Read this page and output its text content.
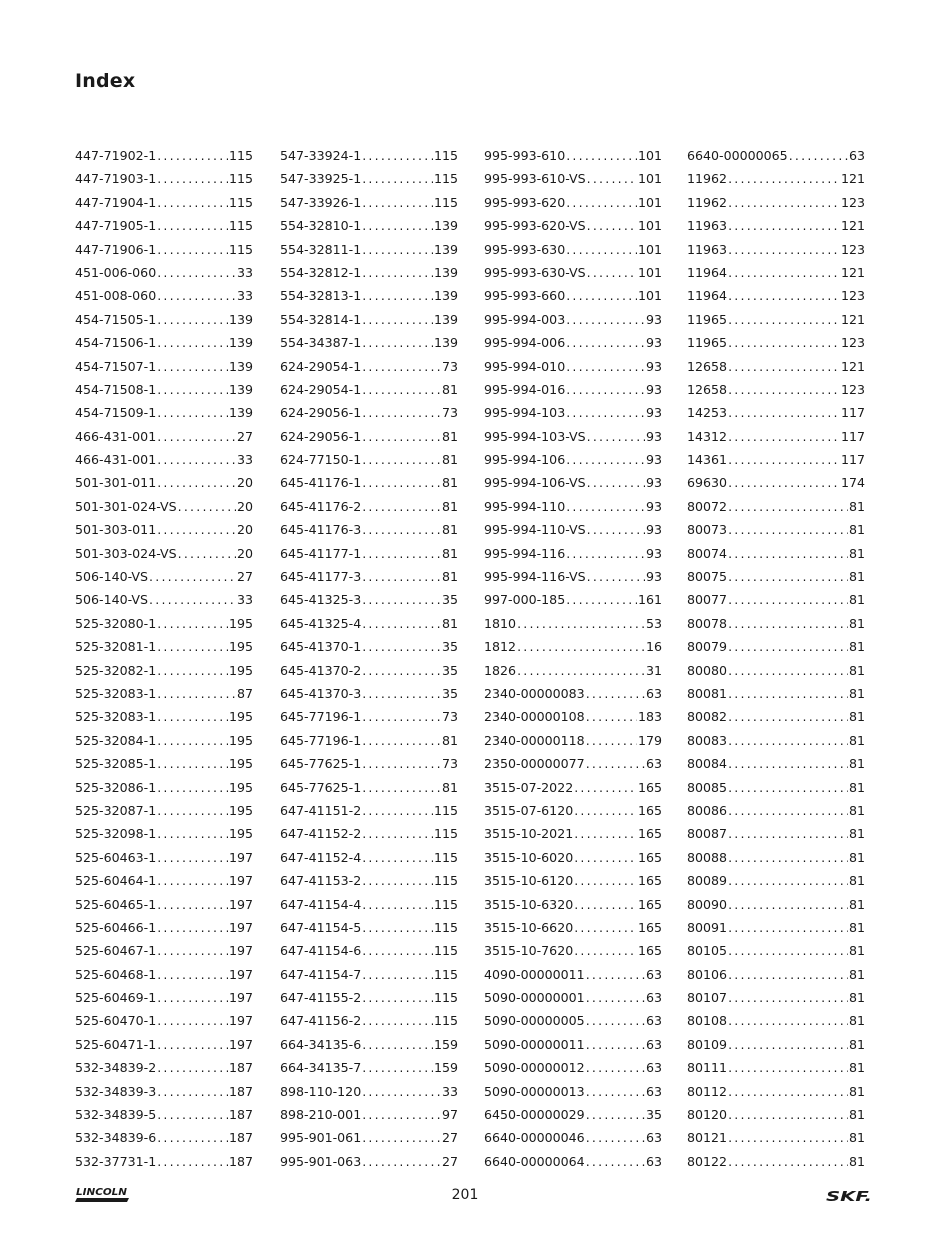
Index
447-71902-1 .....	115
447-71903-1 .....	115
447-71904-1 .....	115
447-71905-1 .....	115
447-71906-1 .....	115
451-006-060 .....	33
451-008-060 .....	33
454-71505-1 .....	139
454-71506-1 .....	139
454-71507-1 .....	139
454-71508-1 .....	139
454-71509-1 .....	139
466-431-001 .....	27
466-431-001 .....	33
501-301-011 .....	20
501-301-024-VS .....	20
501-303-011 .....	20
501-303-024-VS .....	20
506-140-VS .....	27
506-140-VS .....	33
525-32080-1 .....	195
525-32081-1 .....	195
525-32082-1 .....	195
525-32083-1 .....	87
525-32083-1 .....	195
525-32084-1 .....	195
525-32085-1 .....	195
525-32086-1 .....	195
525-32087-1 .....	195
525-32098-1 .....	195
525-60463-1 .....	197
525-60464-1 .....	197
525-60465-1 .....	197
525-60466-1 .....	197
525-60467-1 .....	197
525-60468-1 .....	197
525-60469-1 .....	197
525-60470-1 .....	197
525-60471-1 .....	197
532-34839-2 .....	187
532-34839-3 .....	187
532-34839-5 .....	187
532-34839-6 .....	187
532-37731-1 .....	187
547-33924-1 .....	115
547-33925-1 .....	115
547-33926-1 .....	115
554-32810-1 .....	139
554-32811-1 .....	139
554-32812-1 .....	139
554-32813-1 .....	139
554-32814-1 .....	139
554-34387-1 .....	139
624-29054-1 .....	73
624-29054-1 .....	81
624-29056-1 .....	73
624-29056-1 .....	81
624-77150-1 .....	81
645-41176-1 .....	81
645-41176-2 .....	81
645-41176-3 .....	81
645-41177-1 .....	81
645-41177-3 .....	81
645-41325-3 .....	35
645-41325-4 .....	81
645-41370-1 .....	35
645-41370-2 .....	35
645-41370-3 .....	35
645-77196-1 .....	73
645-77196-1 .....	81
645-77625-1 .....	73
645-77625-1 .....	81
647-41151-2 .....	115
647-41152-2 .....	115
647-41152-4 .....	115
647-41153-2 .....	115
647-41154-4 .....	115
647-41154-5 .....	115
647-41154-6 .....	115
647-41154-7 .....	115
647-41155-2 .....	115
647-41156-2 .....	115
664-34135-6 .....	159
664-34135-7 .....	159
898-110-120 .....	33
898-210-001 .....	97
995-901-061 .....	27
995-901-063 .....	27
995-993-610 .....	101
995-993-610-VS .....	101
995-993-620 .....	101
995-993-620-VS .....	101
995-993-630 .....	101
995-993-630-VS .....	101
995-993-660 .....	101
995-994-003 .....	93
995-994-006 .....	93
995-994-010 .....	93
995-994-016 .....	93
995-994-103 .....	93
995-994-103-VS .....	93
995-994-106 .....	93
995-994-106-VS .....	93
995-994-110 .....	93
995-994-110-VS .....	93
995-994-116 .....	93
995-994-116-VS .....	93
997-000-185 .....	161
1810 .....	53
1812 .....	16
1826 .....	31
2340-00000083 .....	63
2340-00000108 .....	183
2340-00000118 .....	179
2350-00000077 .....	63
3515-07-2022 .....	165
3515-07-6120 .....	165
3515-10-2021 .....	165
3515-10-6020 .....	165
3515-10-6120 .....	165
3515-10-6320 .....	165
3515-10-6620 .....	165
3515-10-7620 .....	165
4090-00000011 .....	63
5090-00000001 .....	63
5090-00000005 .....	63
5090-00000011 .....	63
5090-00000012 .....	63
5090-00000013 .....	63
6450-00000029 .....	35
6640-00000046 .....	63
6640-00000064 .....	63
6640-00000065 .....	63
11962 .....	121
11962 .....	123
11963 .....	121
11963 .....	123
11964 .....	121
11964 .....	123
11965 .....	121
11965 .....	123
12658 .....	121
12658 .....	123
14253 .....	117
14312 .....	117
14361 .....	117
69630 .....	174
80072 .....	81
80073 .....	81
80074 .....	81
80075 .....	81
80077 .....	81
80078 .....	81
80079 .....	81
80080 .....	81
80081 .....	81
80082 .....	81
80083 .....	81
80084 .....	81
80085 .....	81
80086 .....	81
80087 .....	81
80088 .....	81
80089 .....	81
80090 .....	81
80091 .....	81
80105 .....	81
80106 .....	81
80107 .....	81
80108 .....	81
80109 .....	81
80111 .....	81
80112 .....	81
80120 .....	81
80121 .....	81
80122 .....	81
LINCOLN	201	SKF.
